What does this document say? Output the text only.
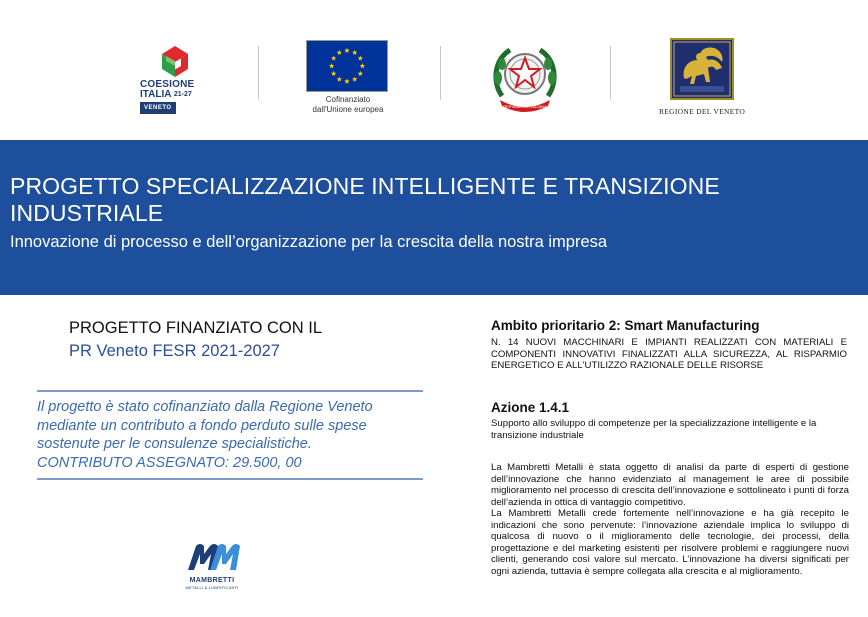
COESIONE
ITALIA $^{21-27}$
VENETO
Cofinanziato
dall'Unione europea	REPVBBLICA ITALIANA
REGIONE DEL VENETO
PROGETTO SPECIALIZZAZIONE INTELLIGENTE E TRANSIZIONE INDUSTRIALE
Innovazione di processo e dell’organizzazione per la crescita della nostra impresa
PROGETTO FINANZIATO CON IL
PR Veneto FESR 2021-2027
Il progetto è stato cofinanziato dalla Regione Veneto mediante un contributo a fondo perduto sulle spese sostenute per le consulenze specialistiche.
CONTRIBUTO ASSEGNATO: 29.500, 00
MAMBRETTI
METALLI & LUBRIFICANTI
Ambito prioritario 2: Smart Manufacturing
N. 14 NUOVI MACCHINARI E IMPIANTI REALIZZATI CON MATERIALI E COMPONENTI INNOVATIVI FINALIZZATI ALLA SICUREZZA, AL RISPARMIO ENERGETICO E ALL'UTILIZZO RAZIONALE DELLE RISORSE
Azione 1.4.1
Supporto allo sviluppo di competenze per la specializzazione intelligente e la transizione industriale

La Mambretti Metalli è stata oggetto di analisi da parte di esperti di gestione dell’innovazione che hanno evidenziato al management le aree di possibile miglioramento nel processo di crescita dell’innovazione e sottolineato i punti di forza dell’azienda in ottica di vantaggio competitivo.

La Mambretti Metalli crede fortemente nell’innovazione e ha già recepito le indicazioni che sono pervenute: l’innovazione aziendale implica lo sviluppo di qualcosa di nuovo o il miglioramento delle tecnologie, dei processi, della progettazione e del marketing esistenti per risolvere problemi e raggiungere nuovi clienti, generando così valore sul mercato. L’innovazione ha diversi significati per ogni azienda, tuttavia è sempre collegata alla crescita e al miglioramento.
